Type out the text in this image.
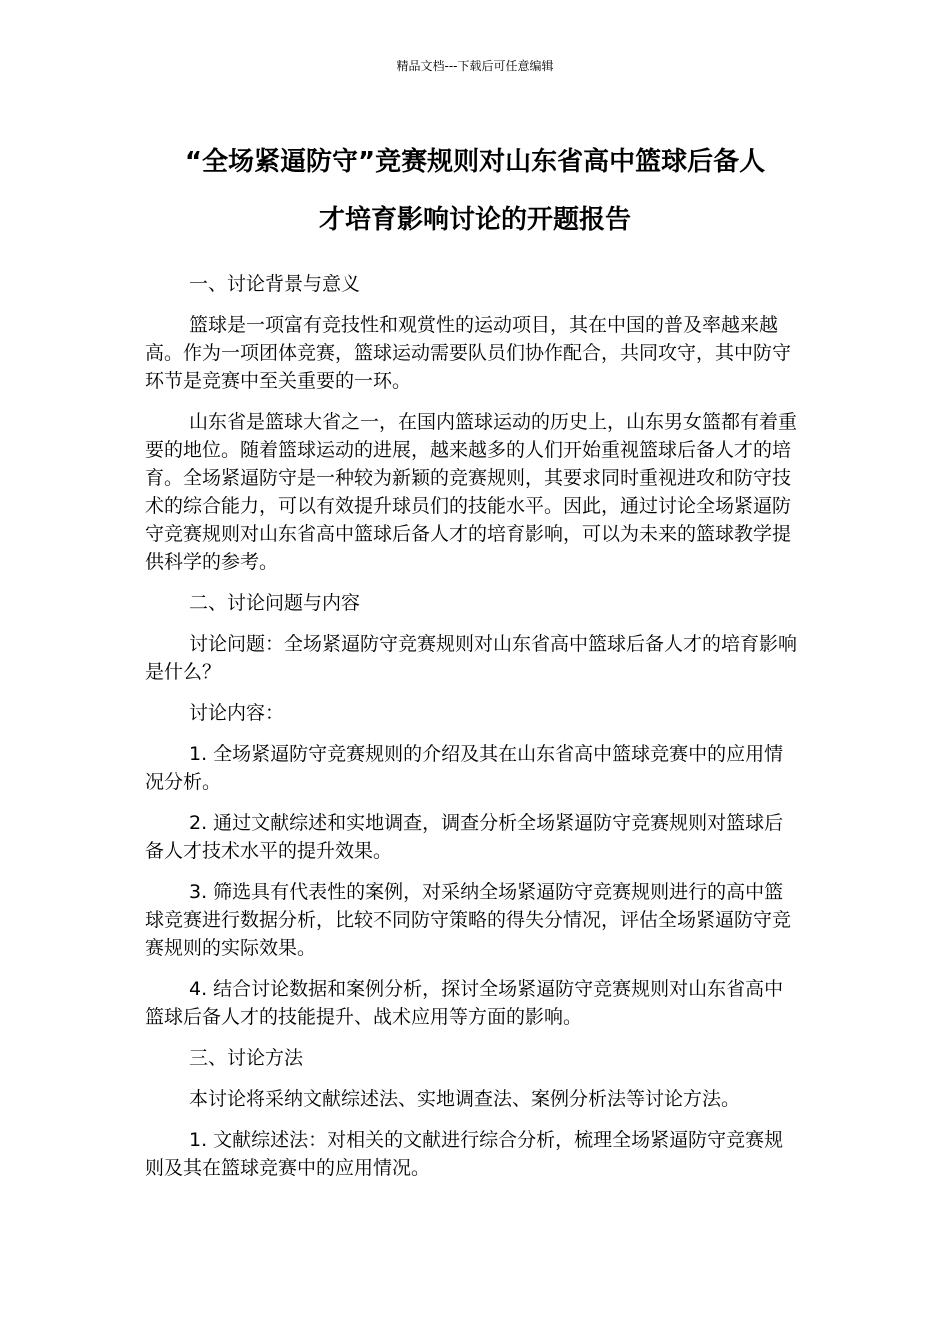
精品文档---下载后可任意编辑
“全场紧逼防守”竞赛规则对山东省高中篮球后备人
才培育影响讨论的开题报告

一、讨论背景与意义

篮球是一项富有竞技性和观赏性的运动项目，其在中国的普及率越来越高。作为一项团体竞赛，篮球运动需要队员们协作配合，共同攻守，其中防守环节是竞赛中至关重要的一环。

山东省是篮球大省之一，在国内篮球运动的历史上，山东男女篮都有着重要的地位。随着篮球运动的进展，越来越多的人们开始重视篮球后备人才的培育。全场紧逼防守是一种较为新颖的竞赛规则，其要求同时重视进攻和防守技术的综合能力，可以有效提升球员们的技能水平。因此，通过讨论全场紧逼防守竞赛规则对山东省高中篮球后备人才的培育影响，可以为未来的篮球教学提供科学的参考。

二、讨论问题与内容

讨论问题：全场紧逼防守竞赛规则对山东省高中篮球后备人才的培育影响是什么？

讨论内容：

1. 全场紧逼防守竞赛规则的介绍及其在山东省高中篮球竞赛中的应用情况分析。

2. 通过文献综述和实地调查，调查分析全场紧逼防守竞赛规则对篮球后备人才技术水平的提升效果。

3. 筛选具有代表性的案例，对采纳全场紧逼防守竞赛规则进行的高中篮球竞赛进行数据分析，比较不同防守策略的得失分情况，评估全场紧逼防守竞赛规则的实际效果。

4. 结合讨论数据和案例分析，探讨全场紧逼防守竞赛规则对山东省高中篮球后备人才的技能提升、战术应用等方面的影响。

三、讨论方法

本讨论将采纳文献综述法、实地调查法、案例分析法等讨论方法。

1. 文献综述法：对相关的文献进行综合分析，梳理全场紧逼防守竞赛规则及其在篮球竞赛中的应用情况。
